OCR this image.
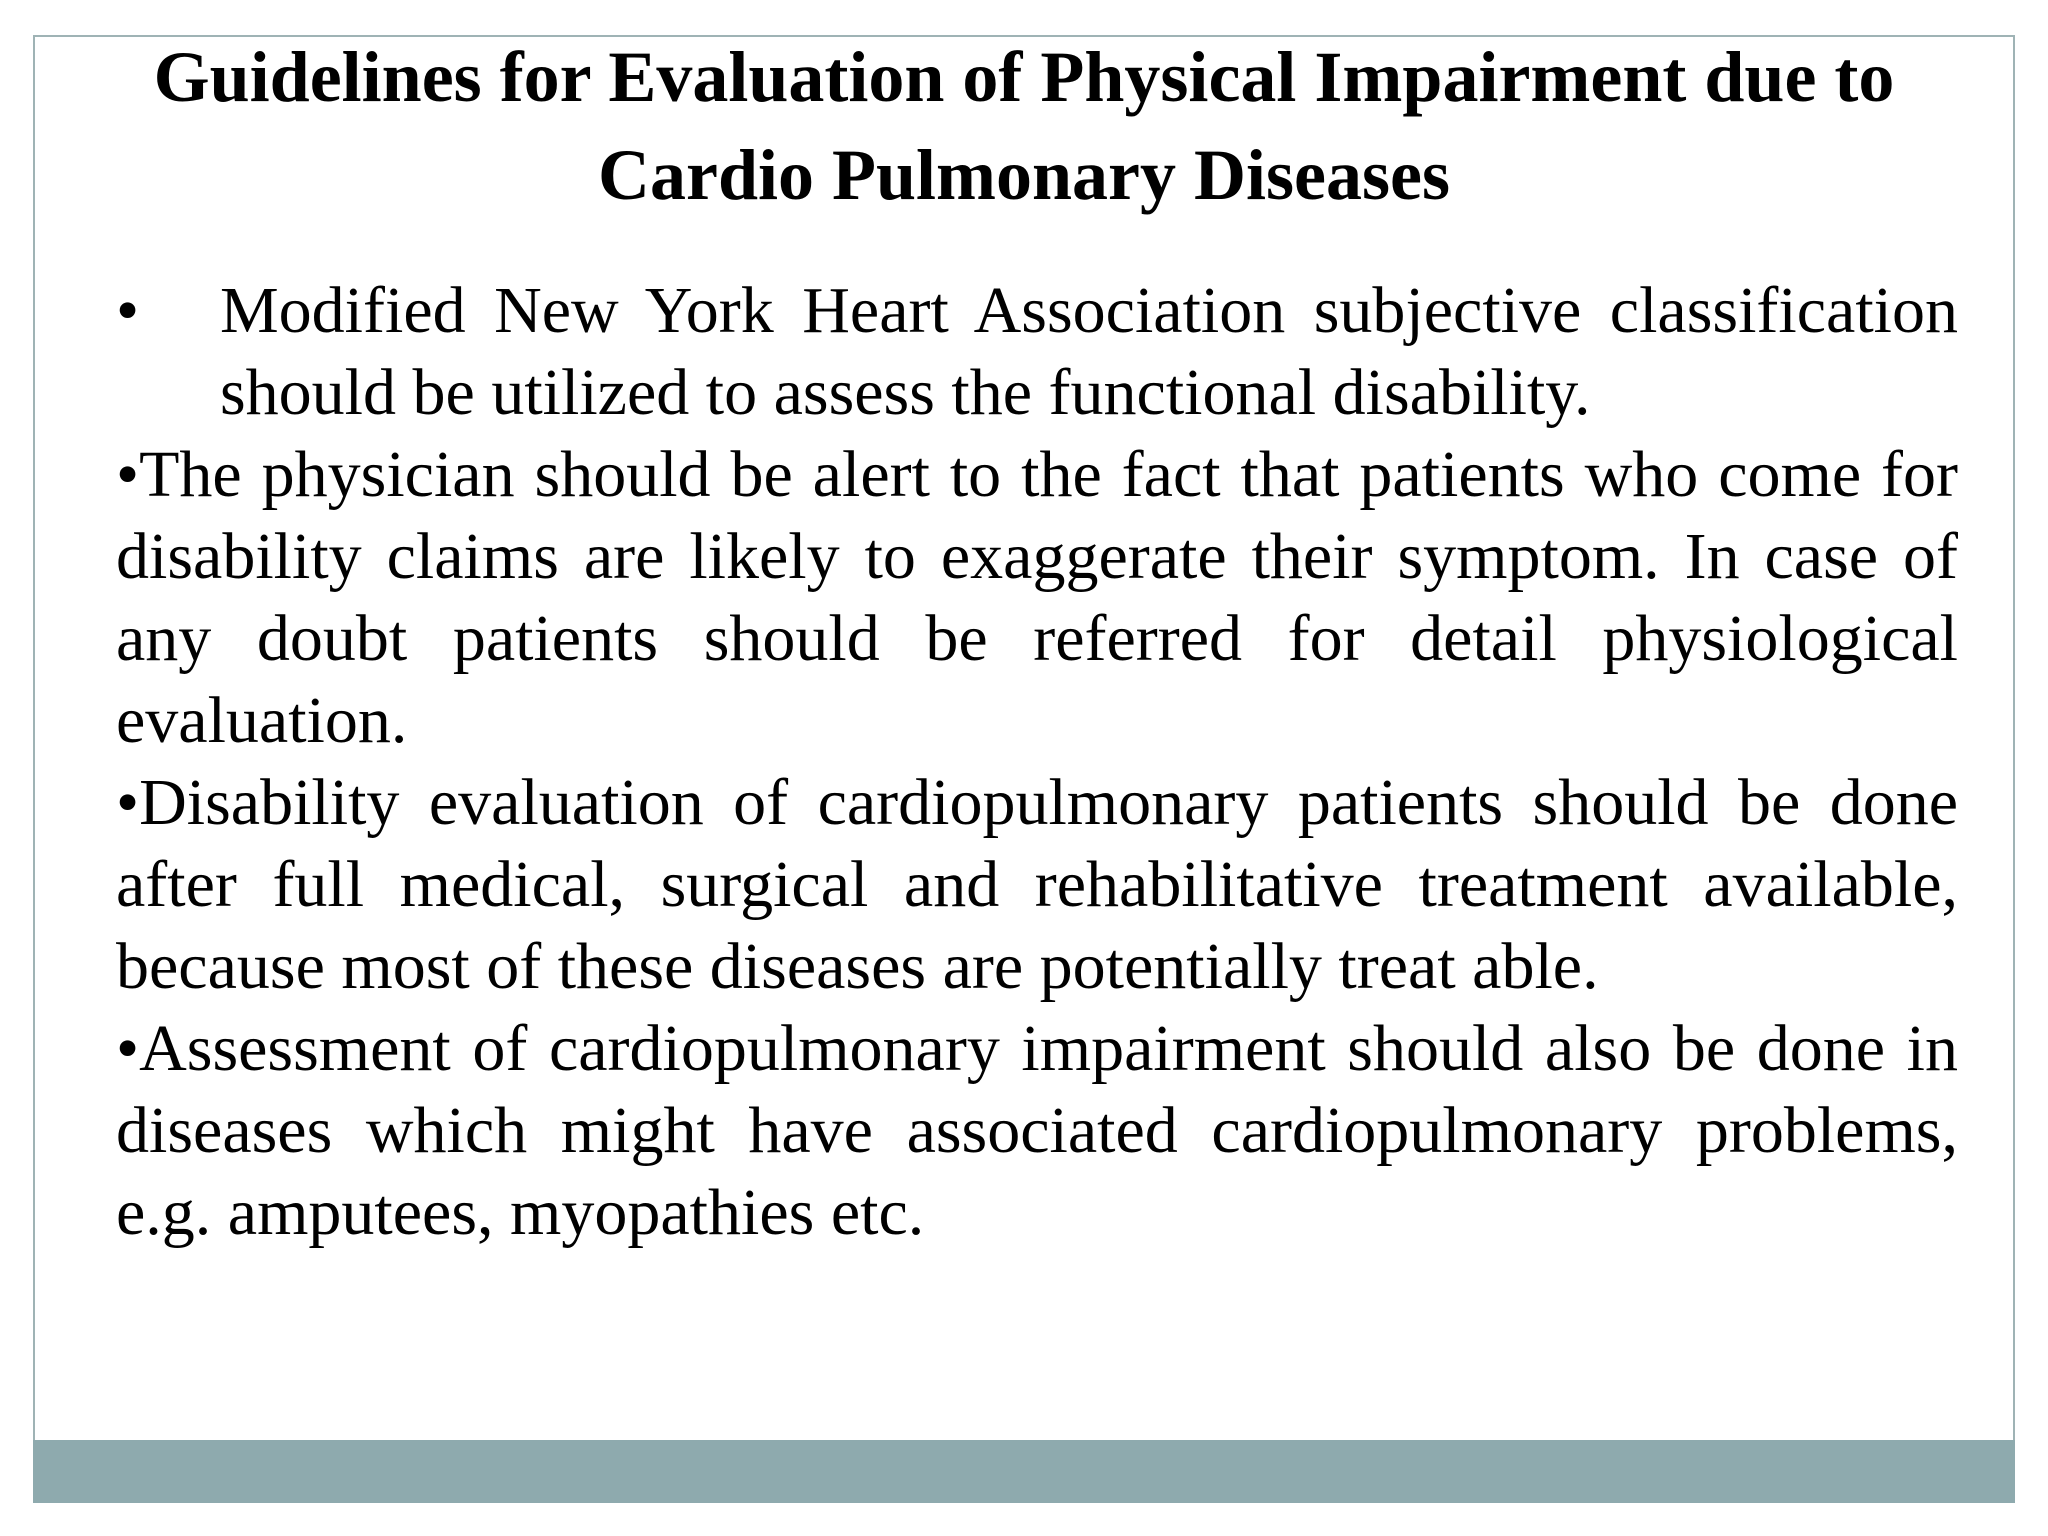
Guidelines for Evaluation of Physical Impairment due to Cardio Pulmonary Diseases
• Modified New York Heart Association subjective classification should be utilized to assess the functional disability.
•The physician should be alert to the fact that patients who come for disability claims are likely to exaggerate their symptom. In case of any doubt patients should be referred for detail physiological evaluation.
•Disability evaluation of cardiopulmonary patients should be done after full medical, surgical and rehabilitative treatment available, because most of these diseases are potentially treat able.
•Assessment of cardiopulmonary impairment should also be done in diseases which might have associated cardiopulmonary problems, e.g. amputees, myopathies etc.
